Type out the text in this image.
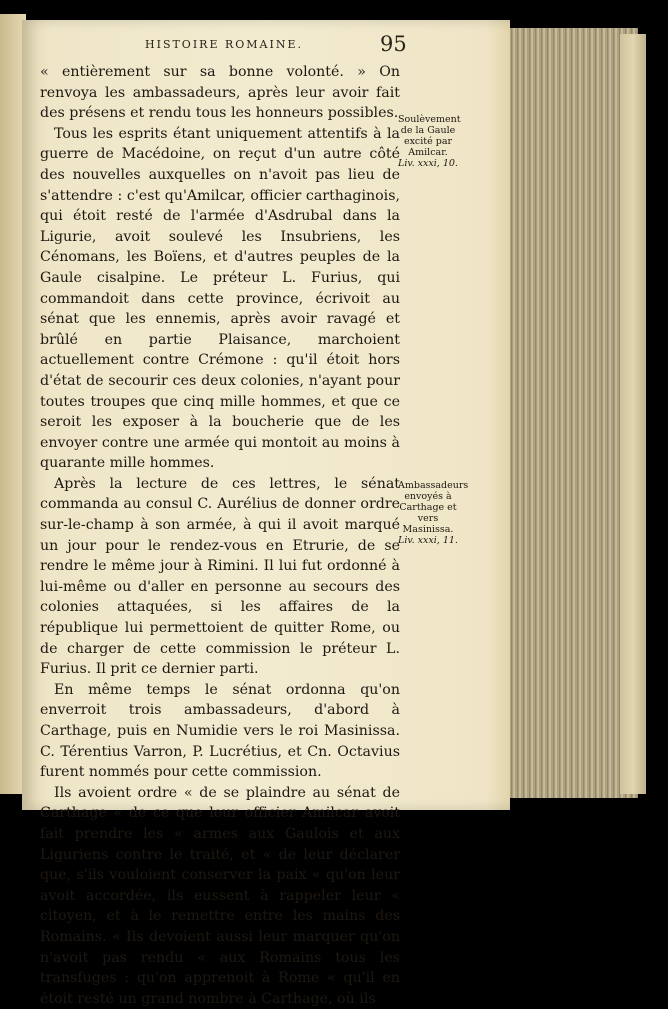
HISTOIRE ROMAINE.	95

« entièrement sur sa bonne volonté. » On renvoya les ambassadeurs, après leur avoir fait des présens et rendu tous les honneurs possibles.

Tous les esprits étant uniquement attentifs à la guerre de Macédoine, on reçut d'un autre côté des nouvelles auxquelles on n'avoit pas lieu de s'attendre : c'est qu'Amilcar, officier carthaginois, qui étoit resté de l'armée d'Asdrubal dans la Ligurie, avoit soulevé les Insubriens, les Cénomans, les Boïens, et d'autres peuples de la Gaule cisalpine. Le préteur L. Furius, qui commandoit dans cette province, écrivoit au sénat que les ennemis, après avoir ravagé et brûlé en partie Plaisance, marchoient actuellement contre Crémone : qu'il étoit hors d'état de secourir ces deux colonies, n'ayant pour toutes troupes que cinq mille hommes, et que ce seroit les exposer à la boucherie que de les envoyer contre une armée qui montoit au moins à quarante mille hommes.

Après la lecture de ces lettres, le sénat commanda au consul C. Aurélius de donner ordre sur-le-champ à son armée, à qui il avoit marqué un jour pour le rendez-vous en Etrurie, de se rendre le même jour à Rimini. Il lui fut ordonné à lui-même ou d'aller en personne au secours des colonies attaquées, si les affaires de la république lui permettoient de quitter Rome, ou de charger de cette commission le préteur L. Furius. Il prit ce dernier parti.

En même temps le sénat ordonna qu'on enverroit trois ambassadeurs, d'abord à Carthage, puis en Numidie vers le roi Masinissa. C. Térentius Varron, P. Lucrétius, et Cn. Octavius furent nommés pour cette commission.

Ils avoient ordre « de se plaindre au sénat de Carthage « de ce que leur officier Amilcar avoit fait prendre les « armes aux Gaulois et aux Liguriens contre le traité, et « de leur déclarer que, s'ils vouloient conserver la paix « qu'on leur avoit accordée, ils eussent à rappeler leur « citoyen, et à le remettre entre les mains des Romains. « Ils devoient aussi leur marquer qu'on n'avoit pas rendu « aux Romains tous les transfuges : qu'on apprenoit à Rome « qu'il en étoit resté un grand nombre à Carthage, où ils

Soulèvement de la Gaule excité par Amilcar.
Liv. xxxi, 10.
Ambassadeurs envoyés à Carthage et vers Masinissa.
Liv. xxxi, 11.
